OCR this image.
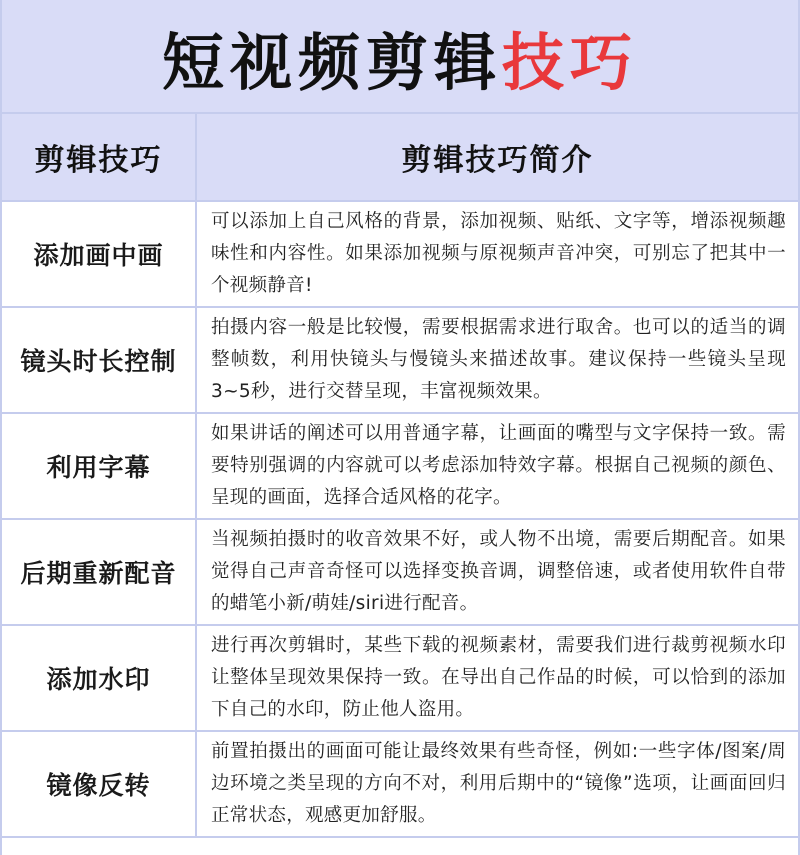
短视频剪辑 技巧
剪辑技巧	剪辑技巧简介
添加画中画	可以添加上自己风格的背景，添加视频、贴纸、文字等，增添视频趣味性和内容性。如果添加视频与原视频声音冲突，可别忘了把其中一个视频静音!
镜头时长控制	拍摄内容一般是比较慢，需要根据需求进行取舍。也可以的适当的调整帧数，利用快镜头与慢镜头来描述故事。建议保持一些镜头呈现3~5秒，进行交替呈现，丰富视频效果。
利用字幕	如果讲话的阐述可以用普通字幕，让画面的嘴型与文字保持一致。需要特别强调的内容就可以考虑添加特效字幕。根据自己视频的颜色、呈现的画面，选择合适风格的花字。
后期重新配音	当视频拍摄时的收音效果不好，或人物不出境，需要后期配音。如果觉得自己声音奇怪可以选择变换音调，调整倍速，或者使用软件自带的蜡笔小新/萌娃/siri进行配音。
添加水印	进行再次剪辑时，某些下载的视频素材，需要我们进行裁剪视频水印让整体呈现效果保持一致。在导出自己作品的时候，可以恰到的添加下自己的水印，防止他人盗用。
镜像反转	前置拍摄出的画面可能让最终效果有些奇怪，例如:一些字体/图案/周边环境之类呈现的方向不对，利用后期中的“镜像”选项，让画面回归正常状态，观感更加舒服。
